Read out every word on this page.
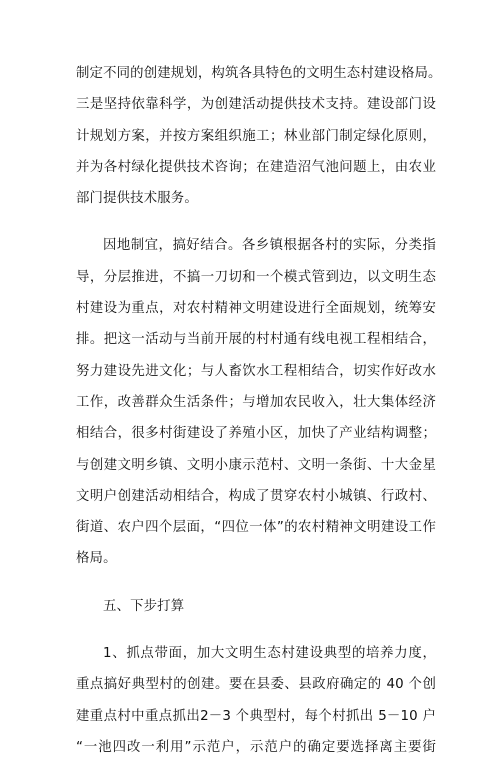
制定不同的创建规划，构筑各具特色的文明生态村建设格局。
三是坚持依靠科学，为创建活动提供技术支持。建设部门设
计规划方案，并按方案组织施工；林业部门制定绿化原则，
并为各村绿化提供技术咨询；在建造沼气池问题上，由农业
部门提供技术服务。
因地制宜，搞好结合。各乡镇根据各村的实际，分类指
导，分层推进，不搞一刀切和一个模式管到边，以文明生态
村建设为重点，对农村精神文明建设进行全面规划，统筹安
排。把这一活动与当前开展的村村通有线电视工程相结合，
努力建设先进文化；与人畜饮水工程相结合，切实作好改水
工作，改善群众生活条件；与增加农民收入，壮大集体经济
相结合，很多村街建设了养殖小区，加快了产业结构调整；
与创建文明乡镇、文明小康示范村、文明一条街、十大金星
文明户创建活动相结合，构成了贯穿农村小城镇、行政村、
街道、农户四个层面，“四位一体”的农村精神文明建设工作
格局。
五、下步打算
1、抓点带面，加大文明生态村建设典型的培养力度，
重点搞好典型村的创建。要在县委、县政府确定的 40 个创
建重点村中重点抓出2－3 个典型村，每个村抓出 5－10 户
“一池四改一利用”示范户，示范户的确定要选择离主要街
